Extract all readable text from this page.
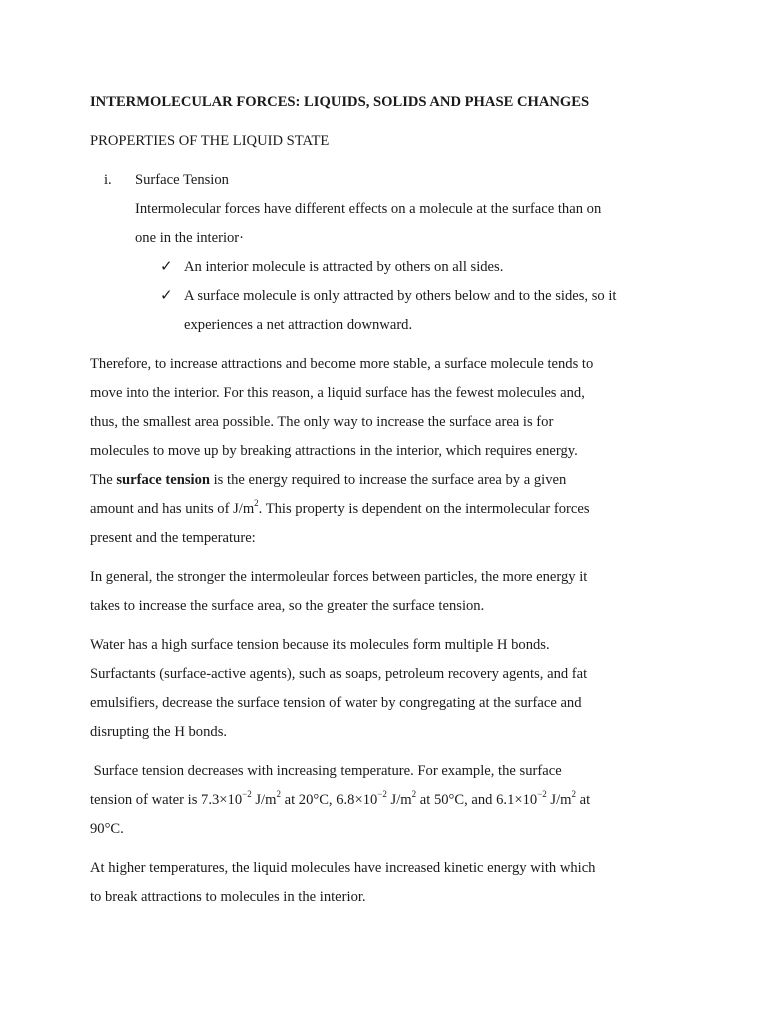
INTERMOLECULAR FORCES: LIQUIDS, SOLIDS AND PHASE CHANGES
PROPERTIES OF THE LIQUID STATE
i. Surface Tension
Intermolecular forces have different effects on a molecule at the surface than on
one in the interior·
✓ An interior molecule is attracted by others on all sides.
✓ A surface molecule is only attracted by others below and to the sides, so it
experiences a net attraction downward.
Therefore, to increase attractions and become more stable, a surface molecule tends to
move into the interior. For this reason, a liquid surface has the fewest molecules and,
thus, the smallest area possible. The only way to increase the surface area is for
molecules to move up by breaking attractions in the interior, which requires energy.
The surface tension is the energy required to increase the surface area by a given
amount and has units of $J/m^2$. This property is dependent on the intermolecular forces
present and the temperature:
In general, the stronger the intermoleular forces between particles, the more energy it
takes to increase the surface area, so the greater the surface tension.
Water has a high surface tension because its molecules form multiple H bonds.
Surfactants (surface-active agents), such as soaps, petroleum recovery agents, and fat
emulsifiers, decrease the surface tension of water by congregating at the surface and
disrupting the H bonds.
Surface tension decreases with increasing temperature. For example, the surface
tension of water is $7.3\times 10^{-2}$ $J/m^2$ at 20°C, $6.8\times 10^{-2}$ $J/m^2$ at 50°C, and $6.1\times 10^{-2}$ $J/m^2$ at
90°C.
At higher temperatures, the liquid molecules have increased kinetic energy with which
to break attractions to molecules in the interior.
